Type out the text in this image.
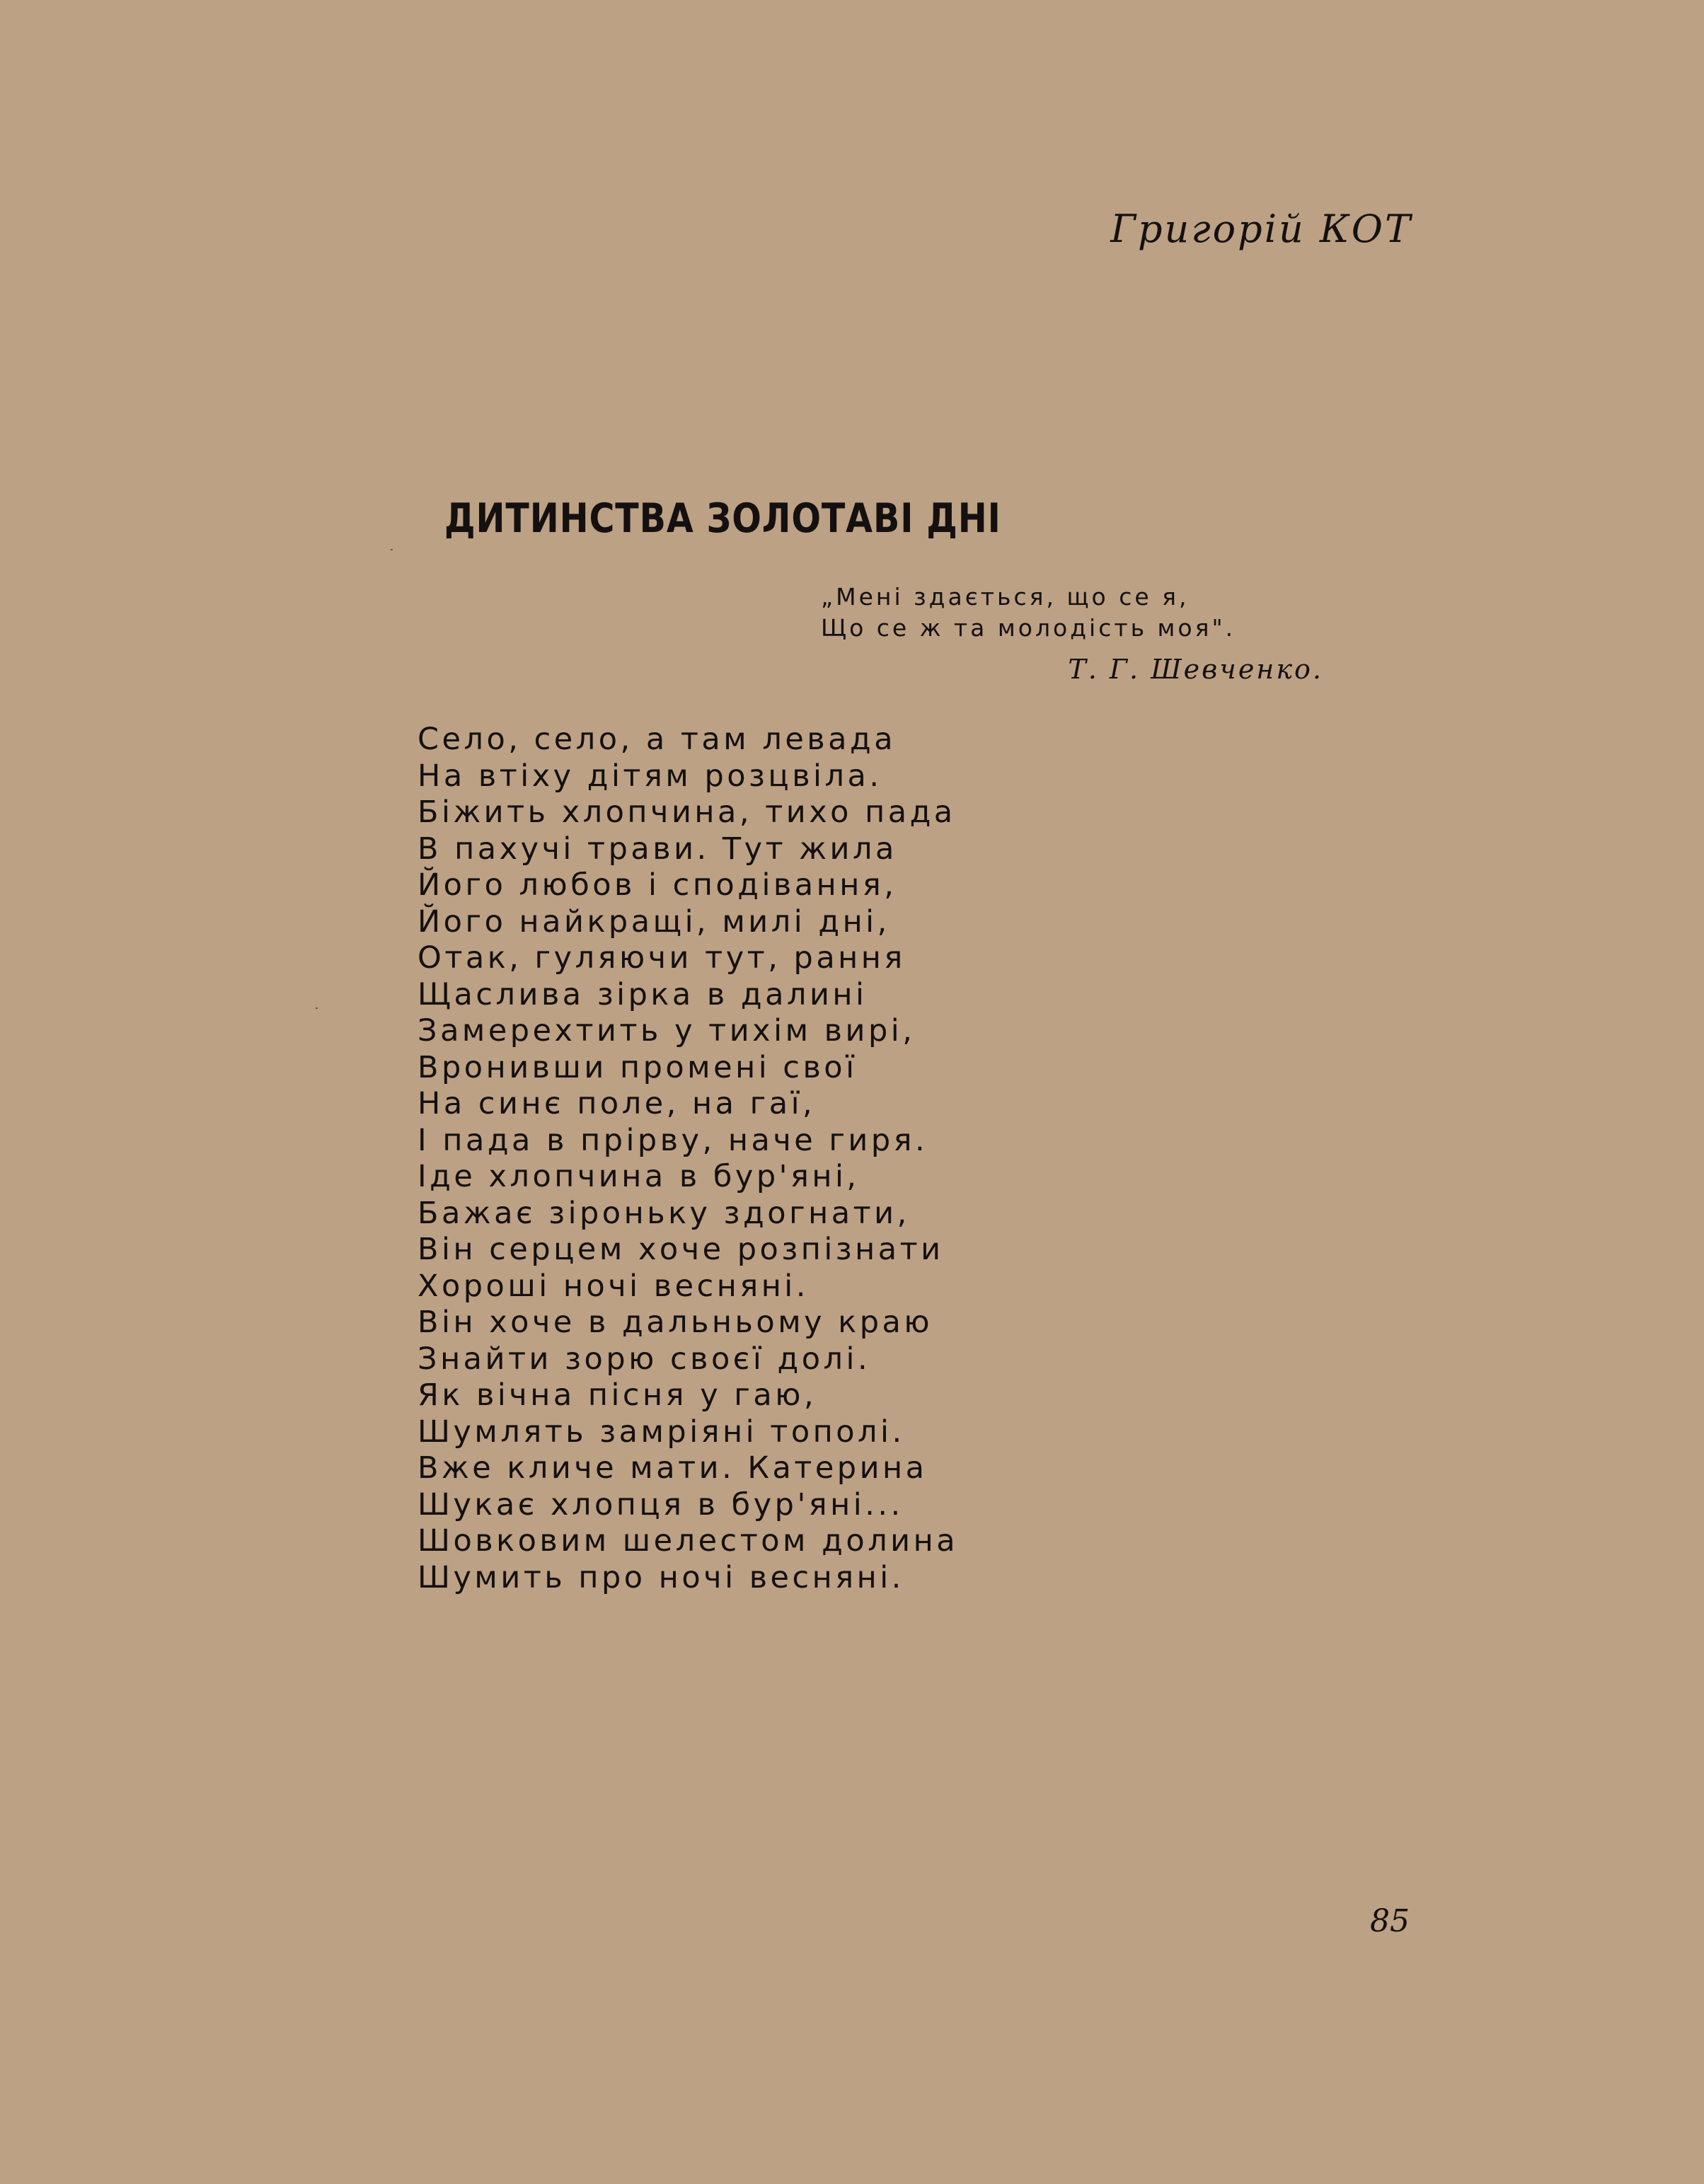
Григорій КОТ
ДИТИНСТВА ЗОЛОТАВІ ДНІ
„Мені здається, що се я,
Що се ж та молодість моя".
Т. Г. Шевченко.
Село, село, а там левада
На втіху дітям розцвіла.
Біжить хлопчина, тихо пада
В пахучі трави. Тут жила
Його любов і сподівання,
Його найкращі, милі дні,
Отак, гуляючи тут, рання
Щаслива зірка в далині
Замерехтить у тихім вирі,
Вронивши промені свої
На синє поле, на гаї,
І пада в прірву, наче гиря.
Іде хлопчина в бур'яні,
Бажає зіроньку здогнати,
Він серцем хоче розпізнати
Хороші ночі весняні.
Він хоче в дальньому краю
Знайти зорю своєї долі.
Як вічна пісня у гаю,
Шумлять замріяні тополі.
Вже кличе мати. Катерина
Шукає хлопця в бур'яні...
Шовковим шелестом долина
Шумить про ночі весняні.
85
